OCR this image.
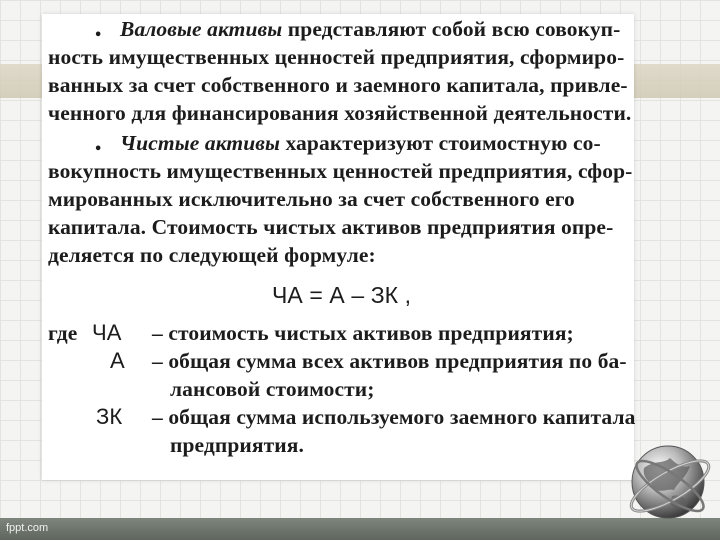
fppt.com
• Валовые активы представляют собой всю совокуп-
ность имущественных ценностей предприятия, сформиро-
ванных за счет собственного и заемного капитала, привле-
ченного для финансирования хозяйственной деятельности.
• Чистые активы характеризуют стоимостную со-
вокупность имущественных ценностей предприятия, сфор-
мированных исключительно за счет собственного его
капитала. Стоимость чистых активов предприятия опре-
деляется по следующей формуле:
ЧА = А – ЗК ,
где ЧА – стоимость чистых активов предприятия;
А – общая сумма всех активов предприятия по ба-
лансовой стоимости;
ЗК – общая сумма используемого заемного капитала
предприятия.
